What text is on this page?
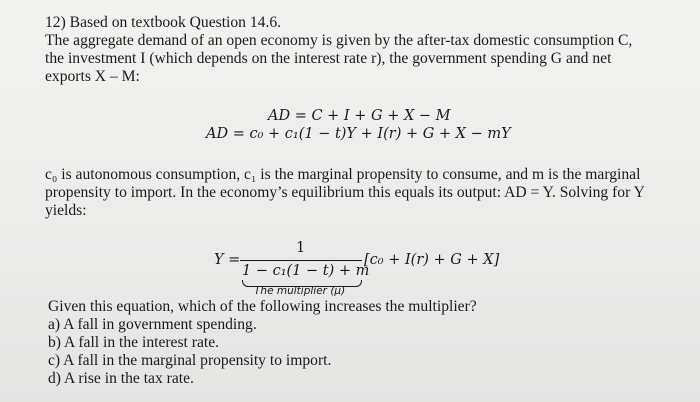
12) Based on textbook Question 14.6.
The aggregate demand of an open economy is given by the after-tax domestic consumption C,
the investment I (which depends on the interest rate r), the government spending G and net
exports X – M:
AD = C + I + G + X − M
AD = c₀ + c₁(1 − t)Y + I(r) + G + X − mY
c₀ is autonomous consumption, c₁ is the marginal propensity to consume, and m is the marginal
propensity to import. In the economy’s equilibrium this equals its output: AD = Y. Solving for Y
yields:
Y =
1
1 − c₁(1 − t) + m
[c₀ + I(r) + G + X]
The multiplier (μ)
Given this equation, which of the following increases the multiplier?
a) A fall in government spending.
b) A fall in the interest rate.
c) A fall in the marginal propensity to import.
d) A rise in the tax rate.
